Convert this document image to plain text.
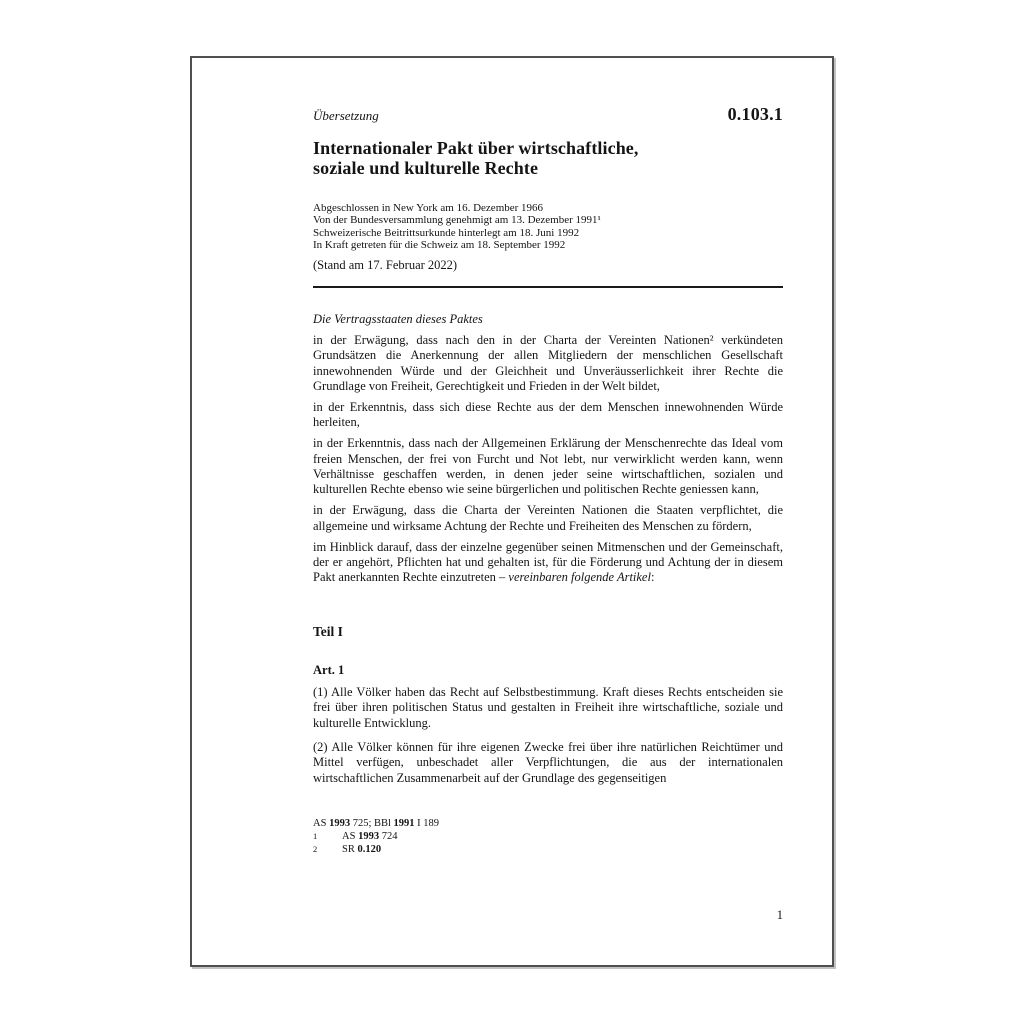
Übersetzung	0.103.1
Internationaler Pakt über wirtschaftliche,
soziale und kulturelle Rechte
Abgeschlossen in New York am 16. Dezember 1966
Von der Bundesversammlung genehmigt am 13. Dezember 1991¹
Schweizerische Beitrittsurkunde hinterlegt am 18. Juni 1992
In Kraft getreten für die Schweiz am 18. September 1992
(Stand am 17. Februar 2022)
Die Vertragsstaaten dieses Paktes

in der Erwägung, dass nach den in der Charta der Vereinten Nationen² verkündeten Grundsätzen die Anerkennung der allen Mitgliedern der menschlichen Gesellschaft innewohnenden Würde und der Gleichheit und Unveräusserlichkeit ihrer Rechte die Grundlage von Freiheit, Gerechtigkeit und Frieden in der Welt bildet,

in der Erkenntnis, dass sich diese Rechte aus der dem Menschen innewohnenden Würde herleiten,

in der Erkenntnis, dass nach der Allgemeinen Erklärung der Menschenrechte das Ideal vom freien Menschen, der frei von Furcht und Not lebt, nur verwirklicht werden kann, wenn Verhältnisse geschaffen werden, in denen jeder seine wirtschaftlichen, sozialen und kulturellen Rechte ebenso wie seine bürgerlichen und politischen Rechte geniessen kann,

in der Erwägung, dass die Charta der Vereinten Nationen die Staaten verpflichtet, die allgemeine und wirksame Achtung der Rechte und Freiheiten des Menschen zu fördern,

im Hinblick darauf, dass der einzelne gegenüber seinen Mitmenschen und der Gemeinschaft, der er angehört, Pflichten hat und gehalten ist, für die Förderung und Achtung der in diesem Pakt anerkannten Rechte einzutreten – vereinbaren folgende Artikel:

Teil I
Art. 1

(1) Alle Völker haben das Recht auf Selbstbestimmung. Kraft dieses Rechts entscheiden sie frei über ihren politischen Status und gestalten in Freiheit ihre wirtschaftliche, soziale und kulturelle Entwicklung.

(2) Alle Völker können für ihre eigenen Zwecke frei über ihre natürlichen Reichtümer und Mittel verfügen, unbeschadet aller Verpflichtungen, die aus der internationalen wirtschaftlichen Zusammenarbeit auf der Grundlage des gegenseitigen

AS 1993 725; BBl 1991 I 189
1	AS 1993 724
2	SR 0.120
1
